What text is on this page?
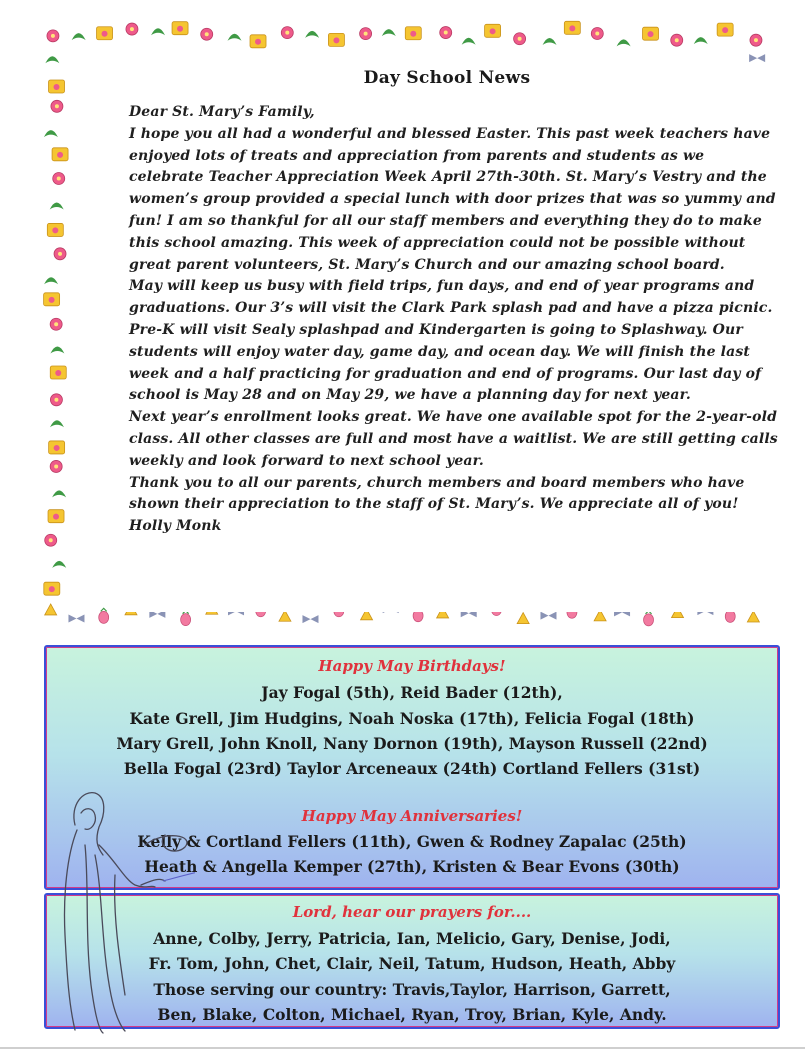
Day School News

Dear St. Mary’s Family,

I hope you all had a wonderful and blessed Easter. This past week teachers have enjoyed lots of treats and appreciation from parents and students as we celebrate Teacher Appreciation Week April 27th-30th. St. Mary’s Vestry and the women’s group provided a special lunch with door prizes that was so yummy and fun! I am so thankful for all our staff members and everything they do to make this school amazing. This week of appreciation could not be possible without great parent volunteers, St. Mary’s Church and our amazing school board.

May will keep us busy with field trips, fun days, and end of year programs and graduations. Our 3’s will visit the Clark Park splash pad and have a pizza picnic. Pre-K will visit Sealy splashpad and Kindergarten is going to Splashway. Our students will enjoy water day, game day, and ocean day. We will finish the last week and a half practicing for graduation and end of programs. Our last day of school is May 28 and on May 29, we have a planning day for next year.

Next year’s enrollment looks great. We have one available spot for the 2-year-old class. All other classes are full and most have a waitlist. We are still getting calls weekly and look forward to next school year.

Thank you to all our parents, church members and board members who have shown their appreciation to the staff of St. Mary’s. We appreciate all of you!

Holly Monk

Happy May Birthdays!
Jay Fogal (5th), Reid Bader (12th),
Kate Grell, Jim Hudgins, Noah Noska (17th), Felicia Fogal (18th)
Mary Grell, John Knoll, Nany Dornon (19th), Mayson Russell (22nd)
Bella Fogal (23rd) Taylor Arceneaux (24th) Cortland Fellers (31st)
Happy May Anniversaries!
Kelly & Cortland Fellers (11th), Gwen & Rodney Zapalac (25th)
Heath & Angella Kemper (27th), Kristen & Bear Evons (30th)
Lord, hear our prayers for....
Anne, Colby, Jerry, Patricia, Ian, Melicio, Gary, Denise, Jodi,
Fr. Tom, John, Chet, Clair, Neil, Tatum, Hudson, Heath, Abby
Those serving our country: Travis,Taylor, Harrison, Garrett,
Ben, Blake, Colton, Michael, Ryan, Troy, Brian, Kyle, Andy.
